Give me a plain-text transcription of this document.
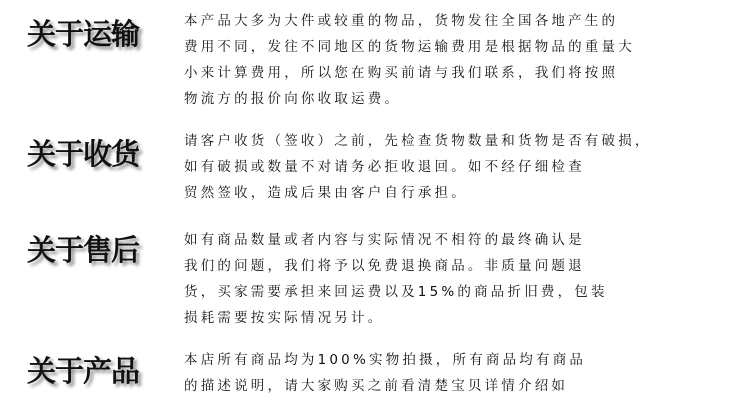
关于运输	本产品大多为大件或较重的物品，货物发往全国各地产生的
费用不同，发往不同地区的货物运输费用是根据物品的重量大
小来计算费用，所以您在购买前请与我们联系，我们将按照
物流方的报价向你收取运费。

关于收货	请客户收货（签收）之前，先检查货物数量和货物是否有破损，
如有破损或数量不对请务必拒收退回。如不经仔细检查
贸然签收，造成后果由客户自行承担。

关于售后	如有商品数量或者内容与实际情况不相符的最终确认是
我们的问题，我们将予以免费退换商品。非质量问题退
货，买家需要承担来回运费以及15%的商品折旧费，包装
损耗需要按实际情况另计。

关于产品	本店所有商品均为100%实物拍摄，所有商品均有商品
的描述说明，请大家购买之前看清楚宝贝详情介绍如
